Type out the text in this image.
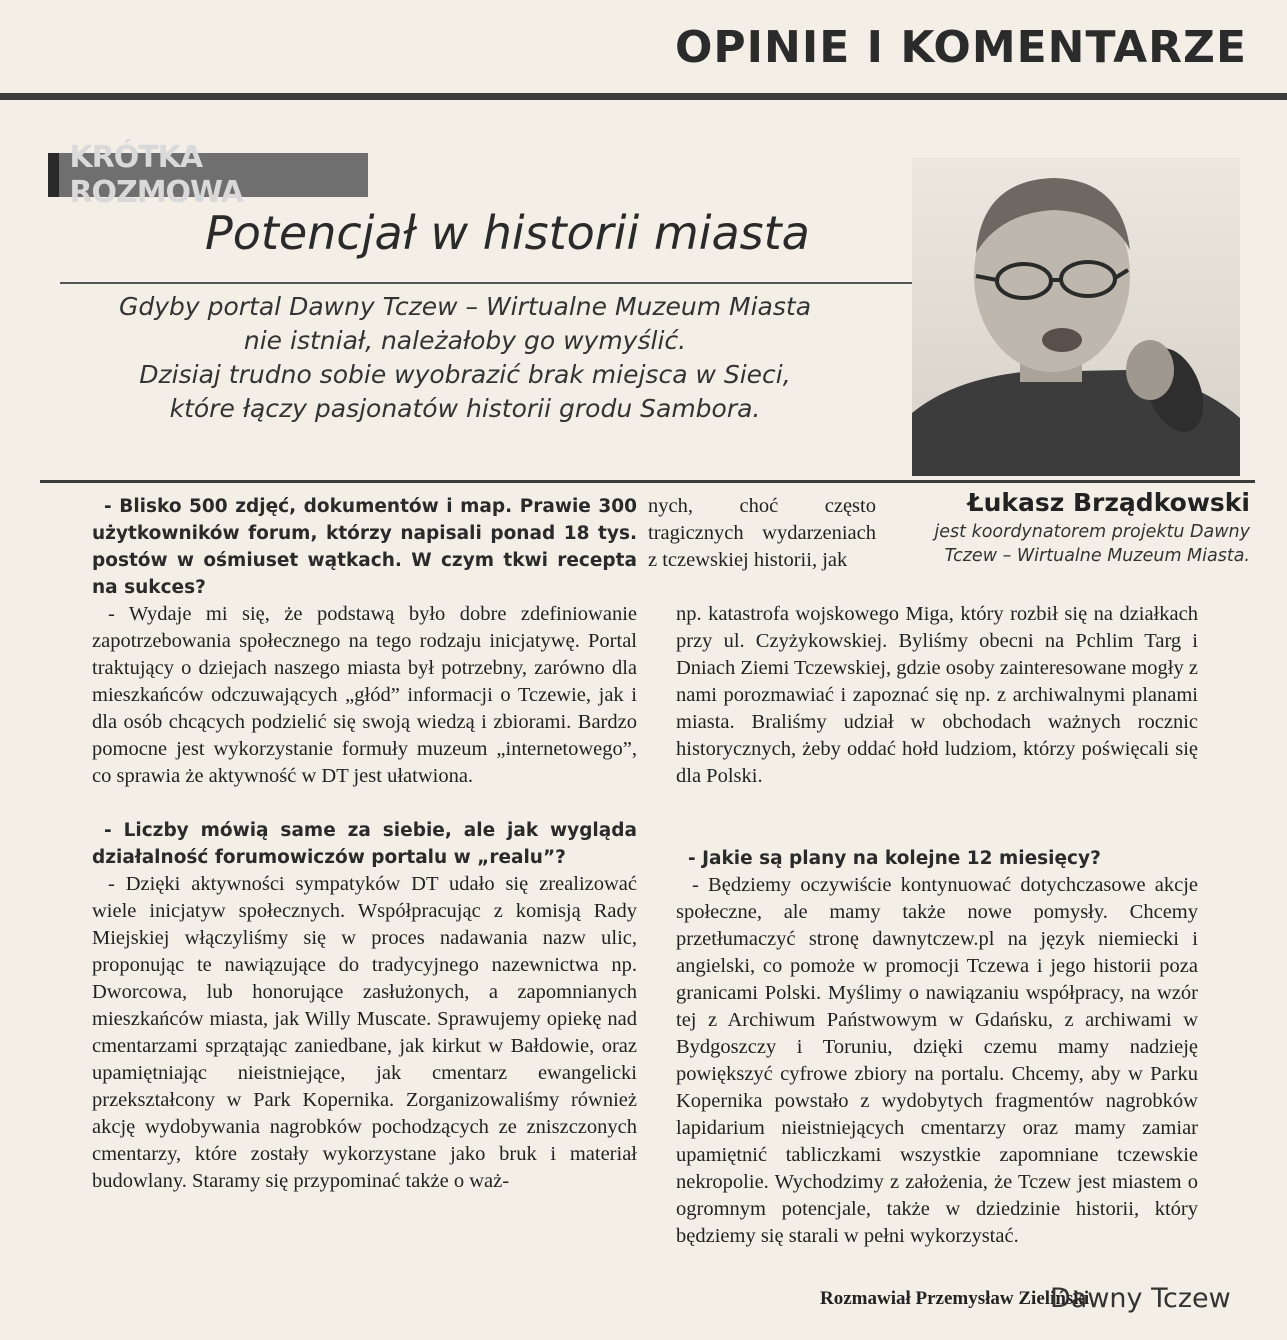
OPINIE I KOMENTARZE
KRÓTKA ROZMOWA
Potencjał w historii miasta
Gdyby portal Dawny Tczew – Wirtualne Muzeum Miasta
nie istniał, należałoby go wymyślić.
Dzisiaj trudno sobie wyobrazić brak miejsca w Sieci,
które łączy pasjonatów historii grodu Sambora.
Łukasz Brządkowski
jest koordynatorem projektu Dawny
Tczew – Wirtualne Muzeum Miasta.

- Blisko 500 zdjęć, dokumentów i map. Prawie 300 użytkowników forum, którzy napisali ponad 18 tys. postów w ośmiuset wątkach. W czym tkwi recepta na sukces?

- Wydaje mi się, że podstawą było dobre zdefiniowanie zapotrzebowania społecznego na tego rodzaju inicjatywę. Portal traktujący o dziejach naszego miasta był potrzebny, zarówno dla mieszkańców odczuwających „głód” informacji o Tczewie, jak i dla osób chcących podzielić się swoją wiedzą i zbiorami. Bardzo pomocne jest wykorzystanie formuły muzeum „internetowego”, co sprawia że aktywność w DT jest ułatwiona.

- Liczby mówią same za siebie, ale jak wygląda działalność forumowiczów portalu w „realu”?

- Dzięki aktywności sympatyków DT udało się zrealizować wiele inicjatyw społecznych. Współpracując z komisją Rady Miejskiej włączyliśmy się w proces nadawania nazw ulic, proponując te nawiązujące do tradycyjnego nazewnictwa np. Dworcowa, lub honorujące zasłużonych, a zapomnianych mieszkańców miasta, jak Willy Muscate. Sprawujemy opiekę nad cmentarzami sprzątając zaniedbane, jak kirkut w Bałdowie, oraz upamiętniając nieistniejące, jak cmentarz ewangelicki przekształcony w Park Kopernika. Zorganizowaliśmy również akcję wydobywania nagrobków pochodzących ze zniszczonych cmentarzy, które zostały wykorzystane jako bruk i materiał budowlany. Staramy się przypominać także o waż-

nych, choć często tragicznych wydarzeniach z tczewskiej historii, jak

np. katastrofa wojskowego Miga, który rozbił się na działkach przy ul. Czyżykowskiej. Byliśmy obecni na Pchlim Targ i Dniach Ziemi Tczewskiej, gdzie osoby zainteresowane mogły z nami porozmawiać i zapoznać się np. z archiwalnymi planami miasta. Braliśmy udział w obchodach ważnych rocznic historycznych, żeby oddać hołd ludziom, którzy poświęcali się dla Polski.

- Jakie są plany na kolejne 12 miesięcy?

- Będziemy oczywiście kontynuować dotychczasowe akcje społeczne, ale mamy także nowe pomysły. Chcemy przetłumaczyć stronę dawnytczew.pl na język niemiecki i angielski, co pomoże w promocji Tczewa i jego historii poza granicami Polski. Myślimy o nawiązaniu współpracy, na wzór tej z Archiwum Państwowym w Gdańsku, z archiwami w Bydgoszczy i Toruniu, dzięki czemu mamy nadzieję powiększyć cyfrowe zbiory na portalu. Chcemy, aby w Parku Kopernika powstało z wydobytych fragmentów nagrobków lapidarium nieistniejących cmentarzy oraz mamy zamiar upamiętnić tabliczkami wszystkie zapomniane tczewskie nekropolie. Wychodzimy z założenia, że Tczew jest miastem o ogromnym potencjale, także w dziedzinie historii, który będziemy się starali w pełni wykorzystać.

Rozmawiał Przemysław Zieliński
Dawny Tczew
